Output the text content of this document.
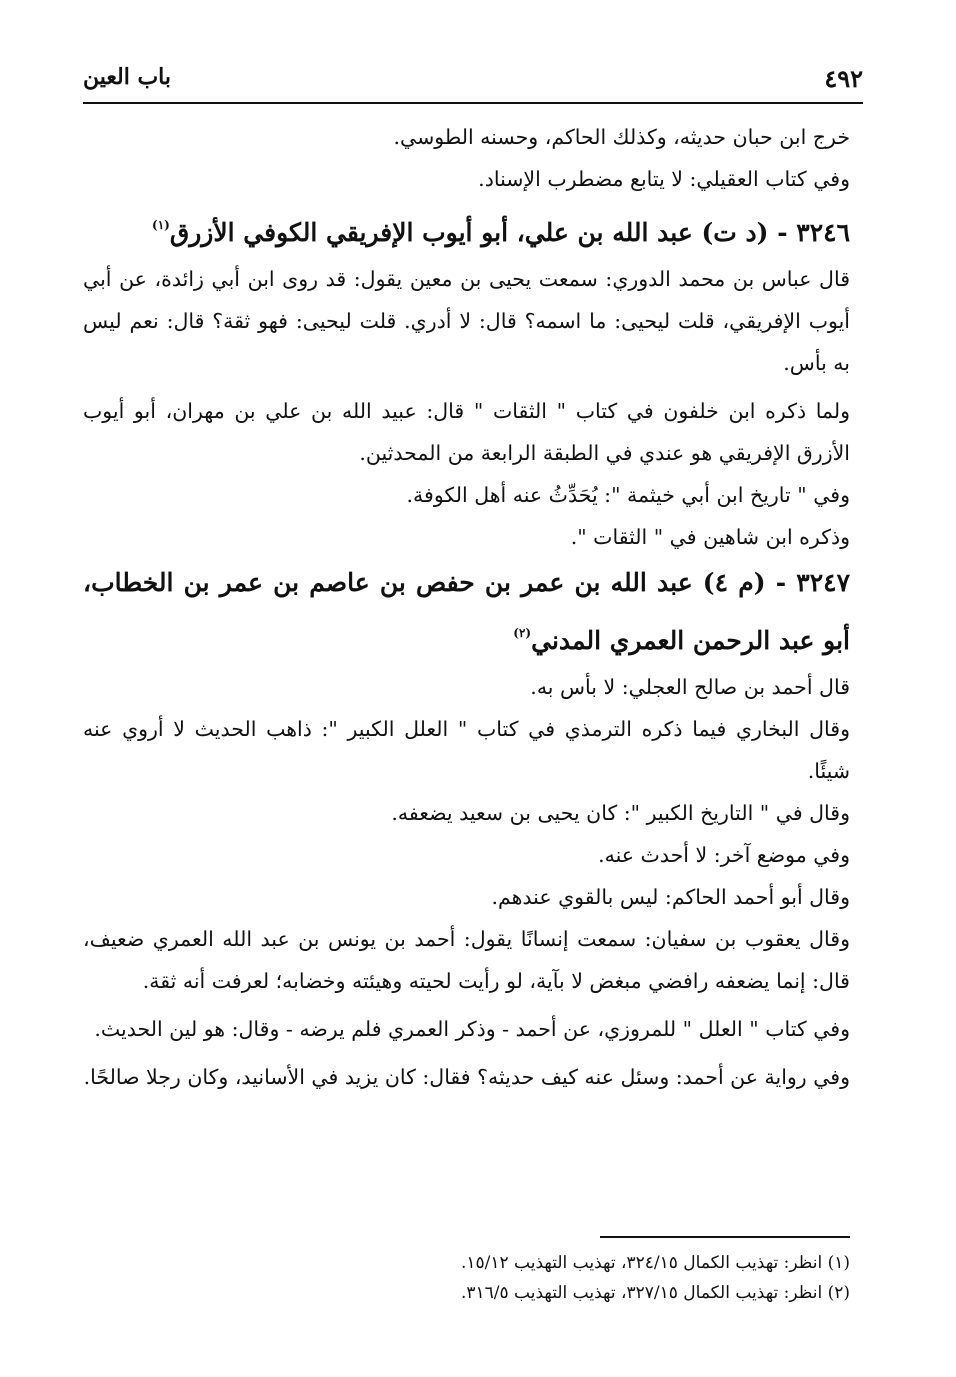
٤٩٢
باب العين

خرج ابن حبان حديثه، وكذلك الحاكم، وحسنه الطوسي.

وفي كتاب العقيلي: لا يتابع مضطرب الإسناد.

٣٢٤٦ - (د ت) عبد الله بن علي، أبو أيوب الإفريقي الكوفي الأزرق$^{(١)}$

قال عباس بن محمد الدوري: سمعت يحيى بن معين يقول: قد روى ابن أبي زائدة، عن أبي أيوب الإفريقي، قلت ليحيى: ما اسمه؟ قال: لا أدري. قلت ليحيى: فهو ثقة؟ قال: نعم ليس به بأس.

ولما ذكره ابن خلفون في كتاب " الثقات " قال: عبيد الله بن علي بن مهران، أبو أيوب الأزرق الإفريقي هو عندي في الطبقة الرابعة من المحدثين.

وفي " تاريخ ابن أبي خيثمة ": يُحَدِّثُ عنه أهل الكوفة.

وذكره ابن شاهين في " الثقات ".

٣٢٤٧ - (م ٤) عبد الله بن عمر بن حفص بن عاصم بن عمر بن الخطاب، أبو عبد الرحمن العمري المدني$^{(٢)}$

قال أحمد بن صالح العجلي: لا بأس به.

وقال البخاري فيما ذكره الترمذي في كتاب " العلل الكبير ": ذاهب الحديث لا أروي عنه شيئًا.

وقال في " التاريخ الكبير ": كان يحيى بن سعيد يضعفه.

وفي موضع آخر: لا أحدث عنه.

وقال أبو أحمد الحاكم: ليس بالقوي عندهم.

وقال يعقوب بن سفيان: سمعت إنسانًا يقول: أحمد بن يونس بن عبد الله العمري ضعيف، قال: إنما يضعفه رافضي مبغض لا بآية، لو رأيت لحيته وهيئته وخضابه؛ لعرفت أنه ثقة.

وفي كتاب " العلل " للمروزي، عن أحمد - وذكر العمري فلم يرضه - وقال: هو لين الحديث.

وفي رواية عن أحمد: وسئل عنه كيف حديثه؟ فقال: كان يزيد في الأسانيد، وكان رجلا صالحًا.

(١) انظر: تهذيب الكمال ٣٢٤/١٥، تهذيب التهذيب ١٥/١٢.
(٢) انظر: تهذيب الكمال ٣٢٧/١٥، تهذيب التهذيب ٣١٦/٥.
